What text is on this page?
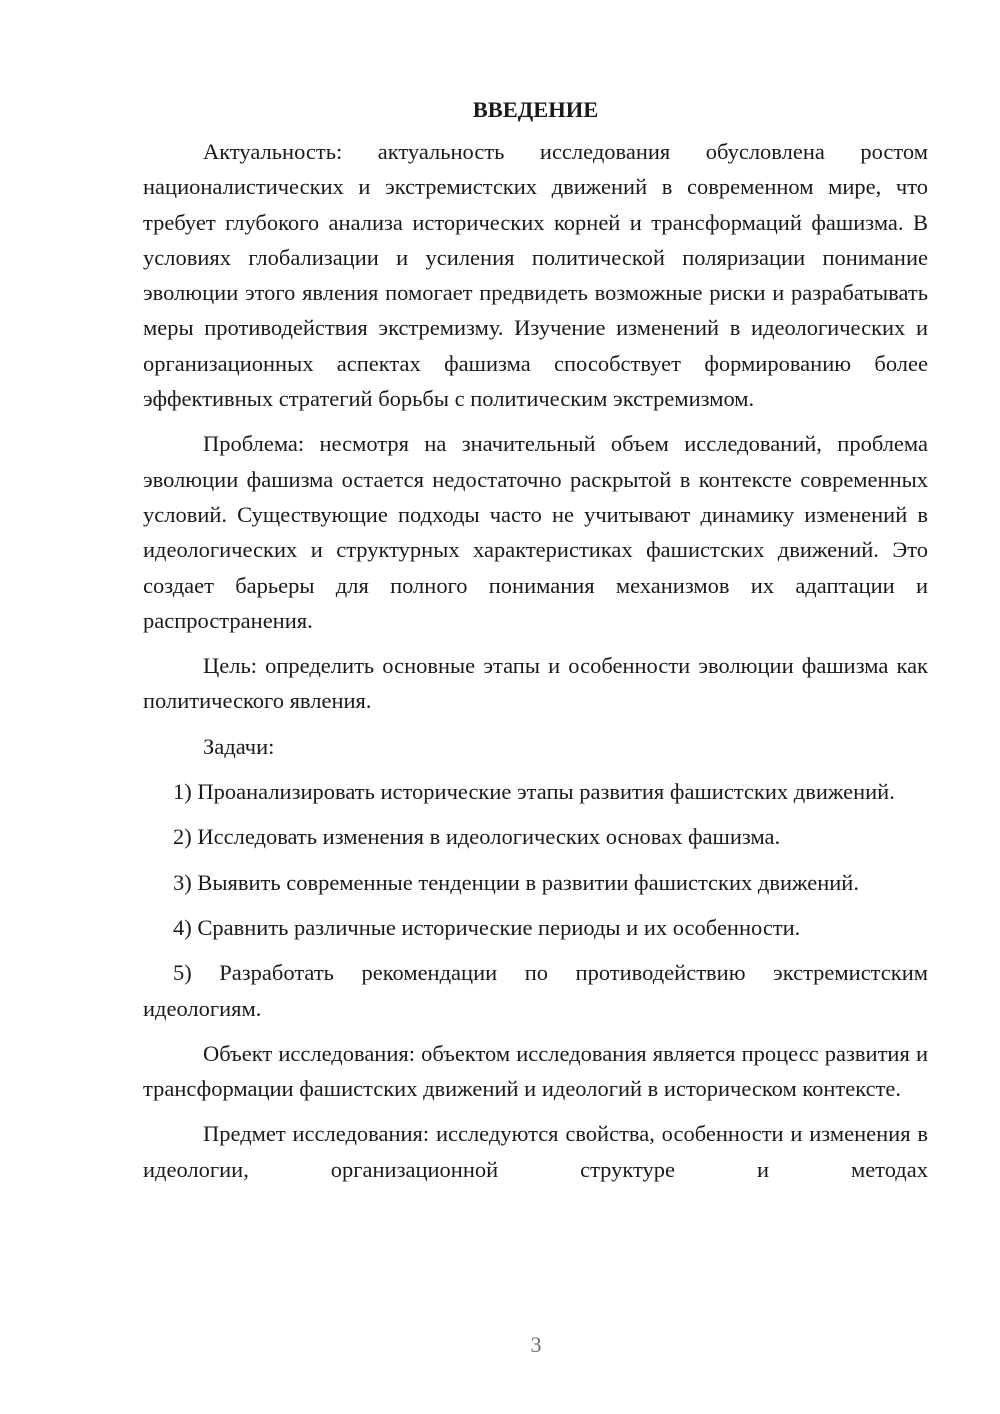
ВВЕДЕНИЕ

Актуальность: актуальность исследования обусловлена ростом националистических и экстремистских движений в современном мире, что требует глубокого анализа исторических корней и трансформаций фашизма. В условиях глобализации и усиления политической поляризации понимание эволюции этого явления помогает предвидеть возможные риски и разрабатывать меры противодействия экстремизму. Изучение изменений в идеологических и организационных аспектах фашизма способствует формированию более эффективных стратегий борьбы с политическим экстремизмом.

Проблема: несмотря на значительный объем исследований, проблема эволюции фашизма остается недостаточно раскрытой в контексте современных условий. Существующие подходы часто не учитывают динамику изменений в идеологических и структурных характеристиках фашистских движений. Это создает барьеры для полного понимания механизмов их адаптации и распространения.

Цель: определить основные этапы и особенности эволюции фашизма как политического явления.

Задачи:

1) Проанализировать исторические этапы развития фашистских движений.

2) Исследовать изменения в идеологических основах фашизма.

3) Выявить современные тенденции в развитии фашистских движений.

4) Сравнить различные исторические периоды и их особенности.

5) Разработать рекомендации по противодействию экстремистским идеологиям.

Объект исследования: объектом исследования является процесс развития и трансформации фашистских движений и идеологий в историческом контексте.

Предмет исследования: исследуются свойства, особенности и изменения в идеологии, организационной структуре и методах

3
